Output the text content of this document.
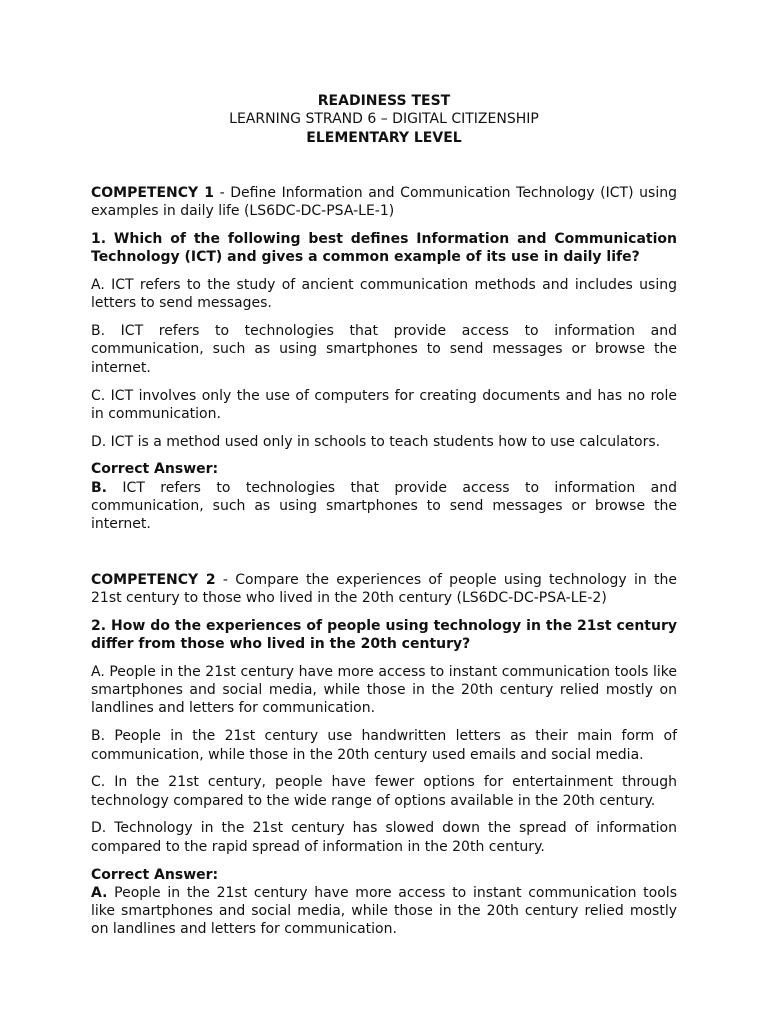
READINESS TEST
LEARNING STRAND 6 – DIGITAL CITIZENSHIP
ELEMENTARY LEVEL

COMPETENCY 1 - Define Information and Communication Technology (ICT) using examples in daily life (LS6DC-DC-PSA-LE-1)

1. Which of the following best defines Information and Communication Technology (ICT) and gives a common example of its use in daily life?

A. ICT refers to the study of ancient communication methods and includes using letters to send messages.

B. ICT refers to technologies that provide access to information and communication, such as using smartphones to send messages or browse the internet.

C. ICT involves only the use of computers for creating documents and has no role in communication.

D. ICT is a method used only in schools to teach students how to use calculators.

Correct Answer:
B. ICT refers to technologies that provide access to information and communication, such as using smartphones to send messages or browse the internet.

COMPETENCY 2 - Compare the experiences of people using technology in the 21st century to those who lived in the 20th century (LS6DC-DC-PSA-LE-2)

2. How do the experiences of people using technology in the 21st century differ from those who lived in the 20th century?

A. People in the 21st century have more access to instant communication tools like smartphones and social media, while those in the 20th century relied mostly on landlines and letters for communication.

B. People in the 21st century use handwritten letters as their main form of communication, while those in the 20th century used emails and social media.

C. In the 21st century, people have fewer options for entertainment through technology compared to the wide range of options available in the 20th century.

D. Technology in the 21st century has slowed down the spread of information compared to the rapid spread of information in the 20th century.

Correct Answer:
A. People in the 21st century have more access to instant communication tools like smartphones and social media, while those in the 20th century relied mostly on landlines and letters for communication.
